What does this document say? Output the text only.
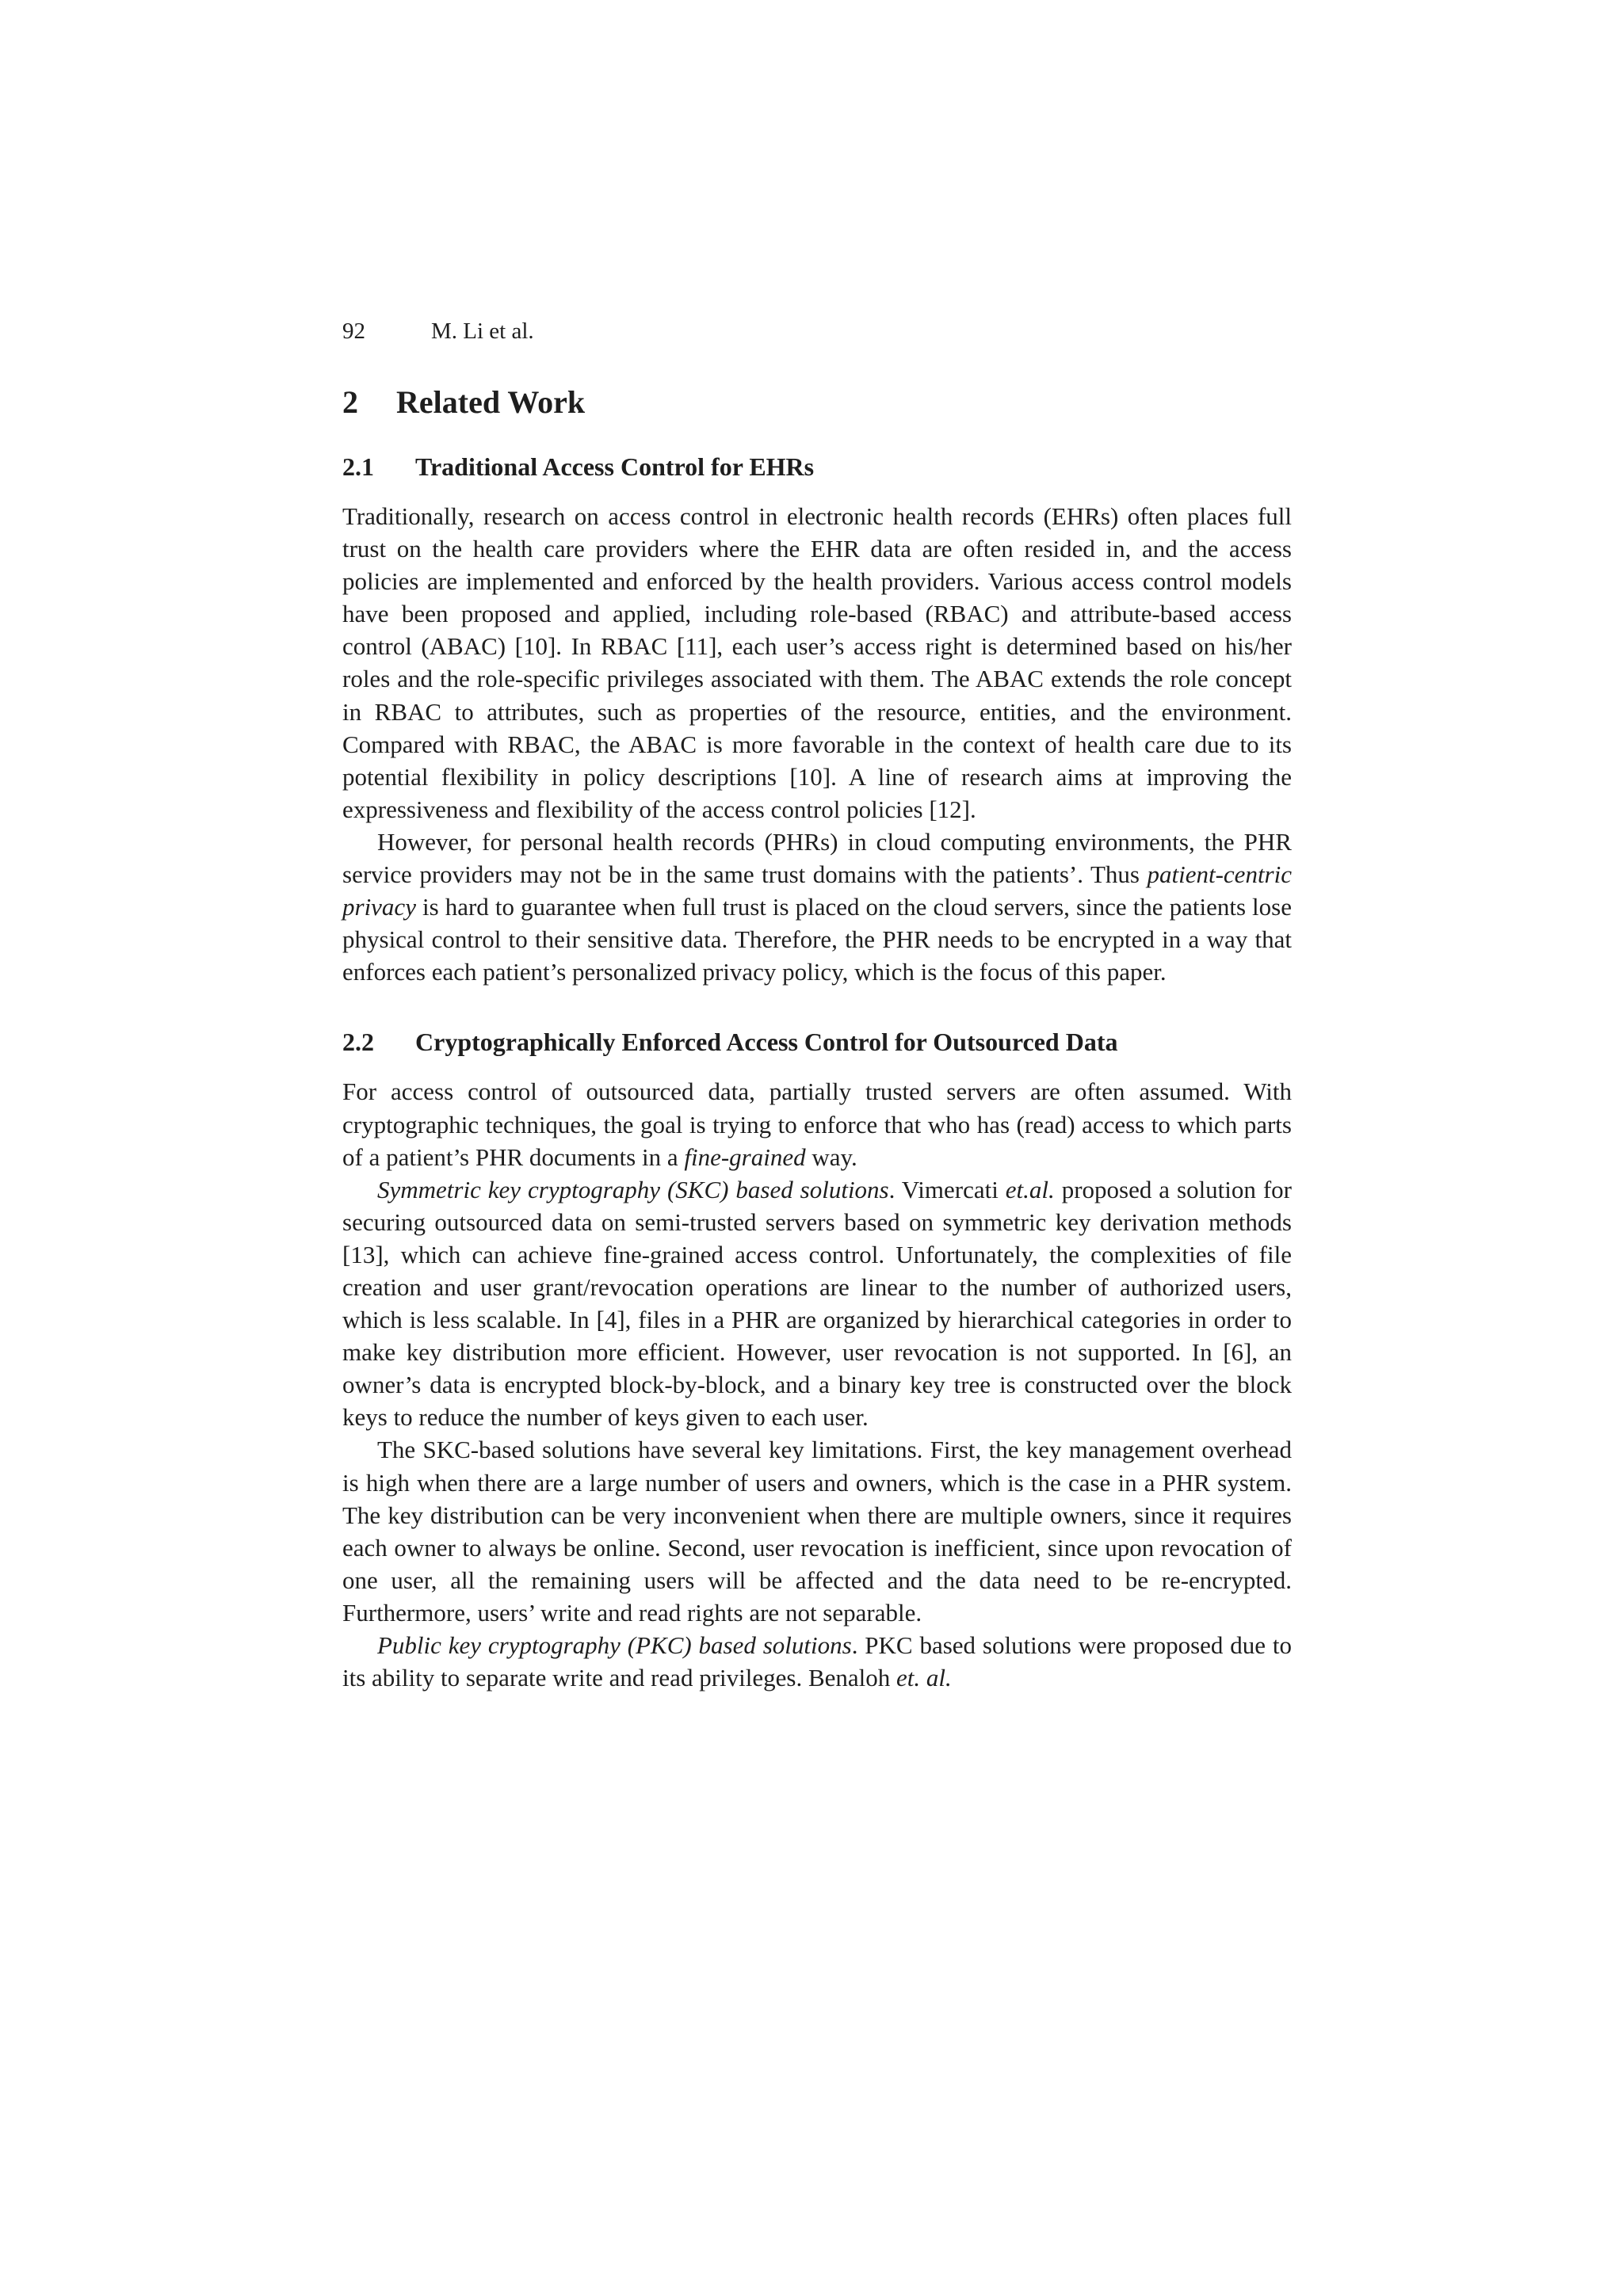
92	M. Li et al.
2 Related Work
2.1 Traditional Access Control for EHRs

Traditionally, research on access control in electronic health records (EHRs) often places full trust on the health care providers where the EHR data are often resided in, and the access policies are implemented and enforced by the health providers. Various access control models have been proposed and applied, including role-based (RBAC) and attribute-based access control (ABAC) [10]. In RBAC [11], each user’s access right is determined based on his/her roles and the role-specific privileges associated with them. The ABAC extends the role concept in RBAC to attributes, such as properties of the resource, entities, and the environment. Compared with RBAC, the ABAC is more favorable in the context of health care due to its potential flexibility in policy descriptions [10]. A line of research aims at improving the expressiveness and flexibility of the access control policies [12].

However, for personal health records (PHRs) in cloud computing environments, the PHR service providers may not be in the same trust domains with the patients’. Thus patient-centric privacy is hard to guarantee when full trust is placed on the cloud servers, since the patients lose physical control to their sensitive data. Therefore, the PHR needs to be encrypted in a way that enforces each patient’s personalized privacy policy, which is the focus of this paper.

2.2 Cryptographically Enforced Access Control for Outsourced Data

For access control of outsourced data, partially trusted servers are often assumed. With cryptographic techniques, the goal is trying to enforce that who has (read) access to which parts of a patient’s PHR documents in a fine-grained way.

Symmetric key cryptography (SKC) based solutions. Vimercati et.al. proposed a solution for securing outsourced data on semi-trusted servers based on symmetric key derivation methods [13], which can achieve fine-grained access control. Unfortunately, the complexities of file creation and user grant/revocation operations are linear to the number of authorized users, which is less scalable. In [4], files in a PHR are organized by hierarchical categories in order to make key distribution more efficient. However, user revocation is not supported. In [6], an owner’s data is encrypted block-by-block, and a binary key tree is constructed over the block keys to reduce the number of keys given to each user.

The SKC-based solutions have several key limitations. First, the key management overhead is high when there are a large number of users and owners, which is the case in a PHR system. The key distribution can be very inconvenient when there are multiple owners, since it requires each owner to always be online. Second, user revocation is inefficient, since upon revocation of one user, all the remaining users will be affected and the data need to be re-encrypted. Furthermore, users’ write and read rights are not separable.

Public key cryptography (PKC) based solutions. PKC based solutions were proposed due to its ability to separate write and read privileges. Benaloh et. al.
